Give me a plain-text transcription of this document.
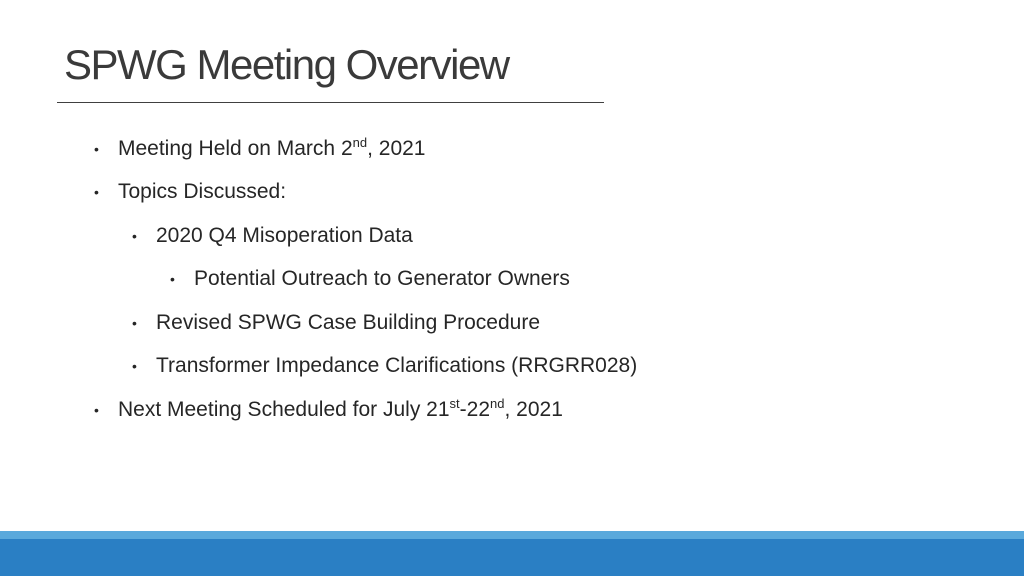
SPWG Meeting Overview
• Meeting Held on March 2nd, 2021
• Topics Discussed:
• 2020 Q4 Misoperation Data
• Potential Outreach to Generator Owners
• Revised SPWG Case Building Procedure
• Transformer Impedance Clarifications (RRGRR028)
• Next Meeting Scheduled for July 21st-22nd, 2021
